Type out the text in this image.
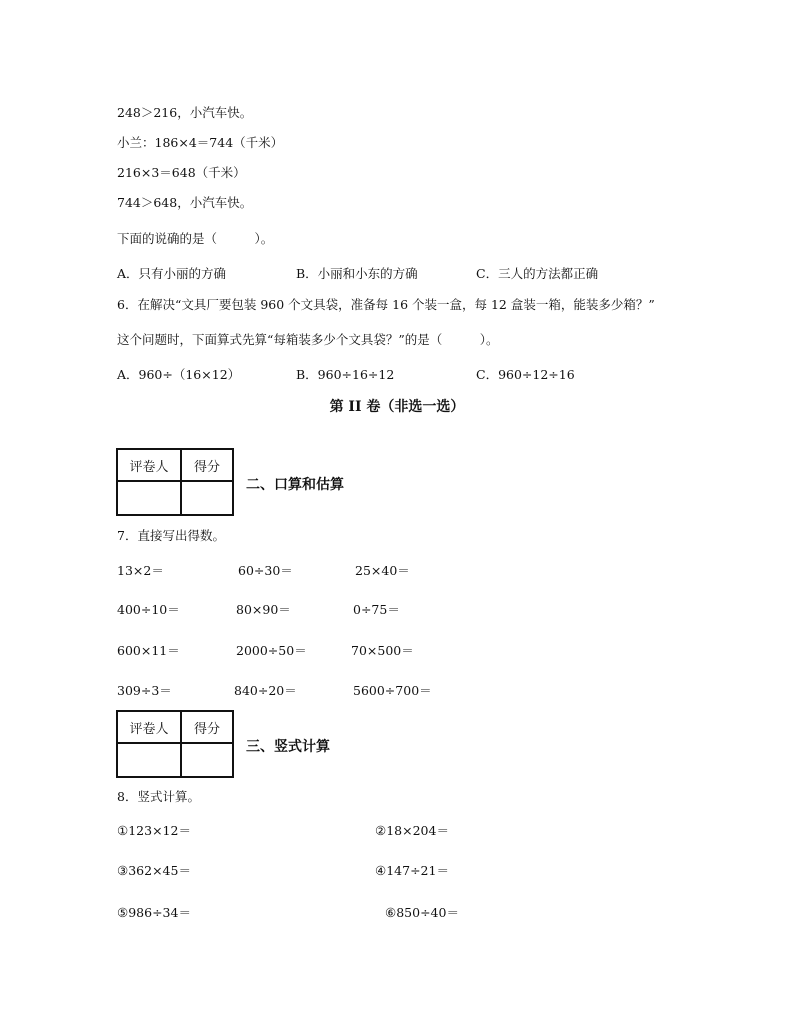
248＞216，小汽车快。
小兰：186×4＝744（千米）
216×3＝648（千米）
744＞648，小汽车快。
下面的说确的是（　　　）。
A．只有小丽的方确	B．小丽和小东的方确	C．三人的方法都正确
6．在解决“文具厂要包装 960 个文具袋，准备每 16 个装一盒，每 12 盒装一箱，能装多少箱？”
这个问题时，下面算式先算“每箱装多少个文具袋？”的是（　　　）。
A．960÷（16×12）	B．960÷16÷12	C．960÷12÷16
第 II 卷（非选一选）
评卷人	得分

二、口算和估算
7．直接写出得数。
13×2＝	60÷30＝	25×40＝
400÷10＝	80×90＝	0÷75＝
600×11＝	2000÷50＝	70×500＝
309÷3＝	840÷20＝	5600÷700＝
评卷人	得分

三、竖式计算
8．竖式计算。
①123×12＝	②18×204＝
③362×45＝	④147÷21＝
⑤986÷34＝	⑥850÷40＝
